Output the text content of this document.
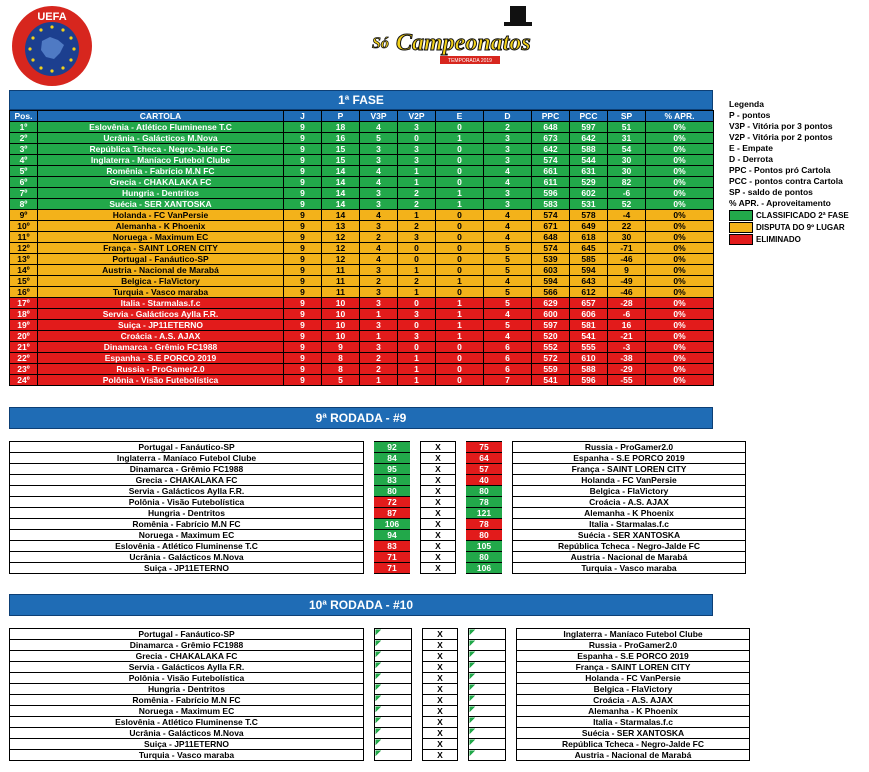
UEFA
Só Campeonatos
TEMPORADA 2019
1ª FASE
Pos.	CARTOLA	J	P	V3P	V2P	E	D	PPC	PCC	SP	% APR.
1º	Eslovênia - Atlético Fluminense T.C	9	18	4	3	0	2	648	597	51	0%
2º	Ucrânia - Galácticos M.Nova	9	16	5	0	1	3	673	642	31	0%
3º	República Tcheca - Negro-Jalde FC	9	15	3	3	0	3	642	588	54	0%
4º	Inglaterra - Maníaco Futebol Clube	9	15	3	3	0	3	574	544	30	0%
5º	Romênia - Fabrício M.N FC	9	14	4	1	0	4	661	631	30	0%
6º	Grecia - CHAKALAKA FC	9	14	4	1	0	4	611	529	82	0%
7º	Hungria - Dentritos	9	14	3	2	1	3	596	602	-6	0%
8º	Suécia - SER XANTOSKA	9	14	3	2	1	3	583	531	52	0%
9º	Holanda - FC VanPersie	9	14	4	1	0	4	574	578	-4	0%
10º	Alemanha - K Phoenix	9	13	3	2	0	4	671	649	22	0%
11º	Noruega - Maximum EC	9	12	2	3	0	4	648	618	30	0%
12º	França - SAINT LOREN CITY	9	12	4	0	0	5	574	645	-71	0%
13º	Portugal - Fanáutico-SP	9	12	4	0	0	5	539	585	-46	0%
14º	Austria - Nacional de Marabá	9	11	3	1	0	5	603	594	9	0%
15º	Belgica - FlaVictory	9	11	2	2	1	4	594	643	-49	0%
16º	Turquia - Vasco maraba	9	11	3	1	0	5	566	612	-46	0%
17º	Italia - Starmalas.f.c	9	10	3	0	1	5	629	657	-28	0%
18º	Servia - Galácticos Aylla F.R.	9	10	1	3	1	4	600	606	-6	0%
19º	Suiça - JP11ETERNO	9	10	3	0	1	5	597	581	16	0%
20º	Croácia - A.S. AJAX	9	10	1	3	1	4	520	541	-21	0%
21º	Dinamarca - Grêmio FC1988	9	9	3	0	0	6	552	555	-3	0%
22º	Espanha - S.E PORCO 2019	9	8	2	1	0	6	572	610	-38	0%
23º	Russia - ProGamer2.0	9	8	2	1	0	6	559	588	-29	0%
24º	Polônia - Visão Futebolística	9	5	1	1	0	7	541	596	-55	0%
Legenda
P - pontos
V3P - Vitória por 3 pontos
V2P - Vitória por 2 pontos
E - Empate
D - Derrota
PPC - Pontos pró Cartola
PCC - pontos contra Cartola
SP - saldo de pontos
% APR. - Aproveitamento
CLASSIFICADO 2ª FASE
DISPUTA DO 9º LUGAR
ELIMINADO
9ª RODADA - #9
Portugal - Fanáutico-SP		92		X		75		Russia - ProGamer2.0
Inglaterra - Maníaco Futebol Clube		84		X		64		Espanha - S.E PORCO 2019
Dinamarca - Grêmio FC1988		95		X		57		França - SAINT LOREN CITY
Grecia - CHAKALAKA FC		83		X		40		Holanda - FC VanPersie
Servia - Galácticos Aylla F.R.		80		X		80		Belgica - FlaVictory
Polônia - Visão Futebolística		72		X		78		Croácia - A.S. AJAX
Hungria - Dentritos		87		X		121		Alemanha - K Phoenix
Romênia - Fabrício M.N FC		106		X		78		Italia - Starmalas.f.c
Noruega - Maximum EC		94		X		80		Suécia - SER XANTOSKA
Eslovênia - Atlético Fluminense T.C		83		X		105		República Tcheca - Negro-Jalde FC
Ucrânia - Galácticos M.Nova		71		X		80		Austria - Nacional de Marabá
Suiça - JP11ETERNO		71		X		106		Turquia - Vasco maraba
10ª RODADA - #10
Portugal - Fanáutico-SP				X				Inglaterra - Maníaco Futebol Clube
Dinamarca - Grêmio FC1988				X				Russia - ProGamer2.0
Grecia - CHAKALAKA FC				X				Espanha - S.E PORCO 2019
Servia - Galácticos Aylla F.R.				X				França - SAINT LOREN CITY
Polônia - Visão Futebolística				X				Holanda - FC VanPersie
Hungria - Dentritos				X				Belgica - FlaVictory
Romênia - Fabrício M.N FC				X				Croácia - A.S. AJAX
Noruega - Maximum EC				X				Alemanha - K Phoenix
Eslovênia - Atlético Fluminense T.C				X				Italia - Starmalas.f.c
Ucrânia - Galácticos M.Nova				X				Suécia - SER XANTOSKA
Suiça - JP11ETERNO				X				República Tcheca - Negro-Jalde FC
Turquia - Vasco maraba				X				Austria - Nacional de Marabá
